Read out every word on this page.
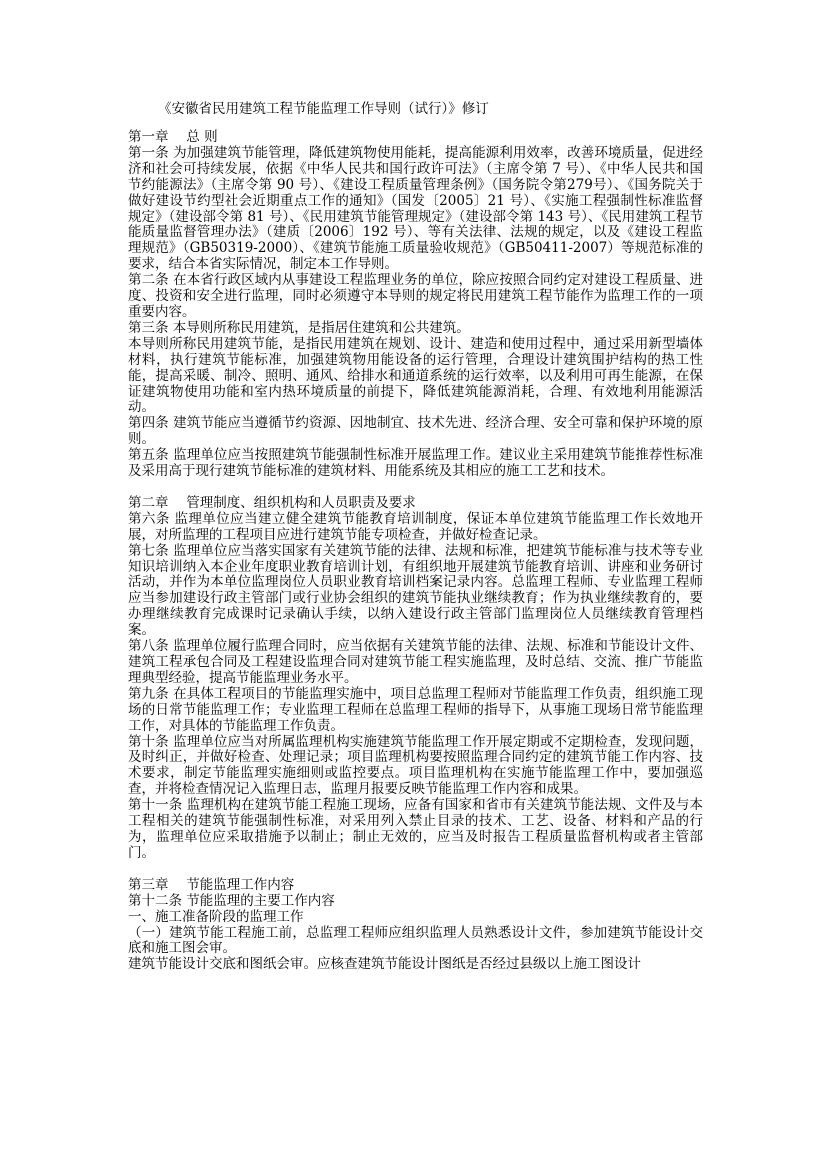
《安徽省民用建筑工程节能监理工作导则（试行）》修订
第一章　 总 则

第一条 为加强建筑节能管理，降低建筑物使用能耗，提高能源利用效率，改善环境质量，促进经济和社会可持续发展，依据《中华人民共和国行政许可法》（主席令第 7 号）、《中华人民共和国节约能源法》（主席令第 90 号）、《建设工程质量管理条例》（国务院令第279号）、《国务院关于做好建设节约型社会近期重点工作的通知》（国发〔2005〕21 号）、《实施工程强制性标准监督规定》（建设部令第 81 号）、《民用建筑节能管理规定》（建设部令第 143 号）、《民用建筑工程节能质量监督管理办法》（建质〔2006〕192 号）、等有关法律、法规的规定，以及《建设工程监理规范》（GB50319-2000）、《建筑节能施工质量验收规范》（GB50411-2007）等规范标准的要求，结合本省实际情况，制定本工作导则。

第二条 在本省行政区域内从事建设工程监理业务的单位，除应按照合同约定对建设工程质量、进度、投资和安全进行监理，同时必须遵守本导则的规定将民用建筑工程节能作为监理工作的一项重要内容。

第三条 本导则所称民用建筑，是指居住建筑和公共建筑。

本导则所称民用建筑节能，是指民用建筑在规划、设计、建造和使用过程中，通过采用新型墙体材料，执行建筑节能标准，加强建筑物用能设备的运行管理，合理设计建筑围护结构的热工性能，提高采暖、制冷、照明、通风、给排水和通道系统的运行效率，以及利用可再生能源，在保证建筑物使用功能和室内热环境质量的前提下，降低建筑能源消耗，合理、有效地利用能源活动。

第四条 建筑节能应当遵循节约资源、因地制宜、技术先进、经济合理、安全可靠和保护环境的原则。

第五条 监理单位应当按照建筑节能强制性标准开展监理工作。建议业主采用建筑节能推荐性标准及采用高于现行建筑节能标准的建筑材料、用能系统及其相应的施工工艺和技术。

第二章　 管理制度、组织机构和人员职责及要求

第六条 监理单位应当建立健全建筑节能教育培训制度，保证本单位建筑节能监理工作长效地开展，对所监理的工程项目应进行建筑节能专项检查，并做好检查记录。

第七条 监理单位应当落实国家有关建筑节能的法律、法规和标准，把建筑节能标准与技术等专业知识培训纳入本企业年度职业教育培训计划，有组织地开展建筑节能教育培训、讲座和业务研讨活动，并作为本单位监理岗位人员职业教育培训档案记录内容。总监理工程师、专业监理工程师应当参加建设行政主管部门或行业协会组织的建筑节能执业继续教育；作为执业继续教育的，要办理继续教育完成课时记录确认手续，以纳入建设行政主管部门监理岗位人员继续教育管理档案。

第八条 监理单位履行监理合同时，应当依据有关建筑节能的法律、法规、标准和节能设计文件、建筑工程承包合同及工程建设监理合同对建筑节能工程实施监理，及时总结、交流、推广节能监理典型经验，提高节能监理业务水平。

第九条 在具体工程项目的节能监理实施中，项目总监理工程师对节能监理工作负责，组织施工现场的日常节能监理工作；专业监理工程师在总监理工程师的指导下，从事施工现场日常节能监理工作，对具体的节能监理工作负责。

第十条 监理单位应当对所属监理机构实施建筑节能监理工作开展定期或不定期检查，发现问题，及时纠正，并做好检查、处理记录；项目监理机构要按照监理合同约定的建筑节能工作内容、技术要求，制定节能监理实施细则或监控要点。项目监理机构在实施节能监理工作中，要加强巡查，并将检查情况记入监理日志，监理月报要反映节能监理工作内容和成果。

第十一条 监理机构在建筑节能工程施工现场，应备有国家和省市有关建筑节能法规、文件及与本工程相关的建筑节能强制性标准，对采用列入禁止目录的技术、工艺、设备、材料和产品的行为，监理单位应采取措施予以制止；制止无效的，应当及时报告工程质量监督机构或者主管部门。

第三章　 节能监理工作内容

第十二条 节能监理的主要工作内容

一、施工准备阶段的监理工作

（一）建筑节能工程施工前，总监理工程师应组织监理人员熟悉设计文件，参加建筑节能设计交底和施工图会审。

建筑节能设计交底和图纸会审。应核查建筑节能设计图纸是否经过县级以上施工图设计
